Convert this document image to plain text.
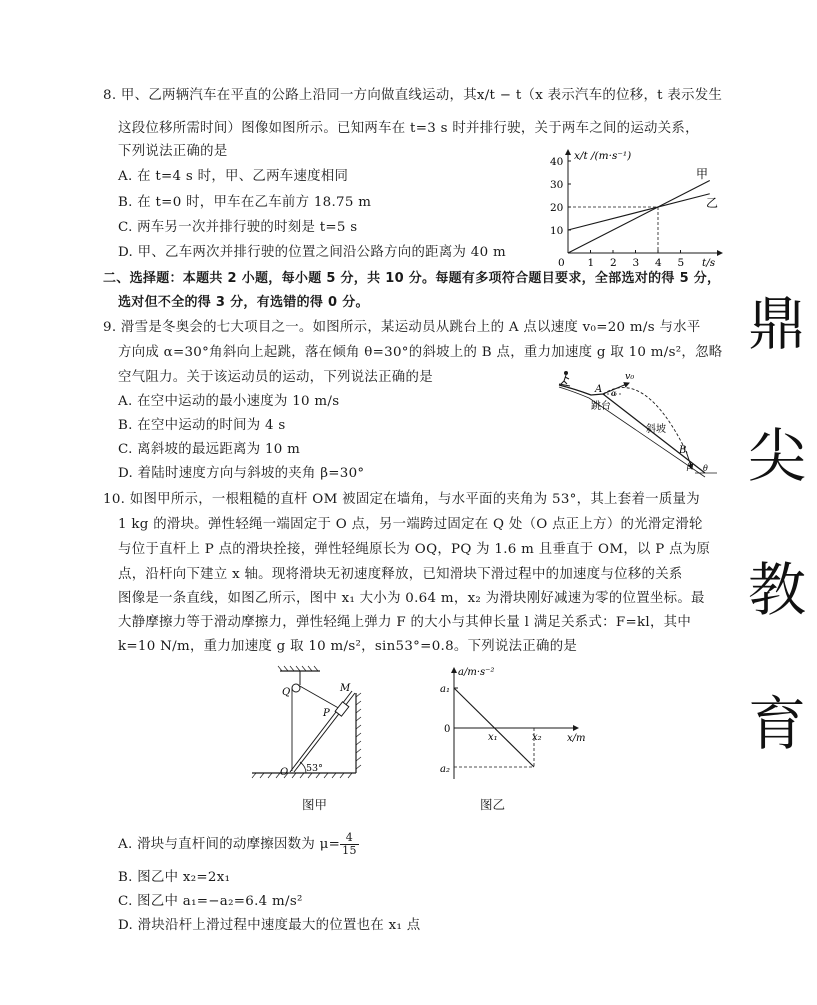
8. 甲、乙两辆汽车在平直的公路上沿同一方向做直线运动，其x/t − t（x 表示汽车的位移，t 表示发生
这段位移所需时间）图像如图所示。已知两车在 t=3 s 时并排行驶，关于两车之间的运动关系，
下列说法正确的是
A. 在 t=4 s 时，甲、乙两车速度相同
B. 在 t=0 时，甲车在乙车前方 18.75 m
C. 两车另一次并排行驶的时刻是 t=5 s
D. 甲、乙车两次并排行驶的位置之间沿公路方向的距离为 40 m
10
20
30
40
1 2 3 4 5
x/t /(m·s⁻¹)
t/s
0
甲
乙
二、选择题：本题共 2 小题，每小题 5 分，共 10 分。每题有多项符合题目要求，全部选对的得 5 分，
选对但不全的得 3 分，有选错的得 0 分。
9. 滑雪是冬奥会的七大项目之一。如图所示，某运动员从跳台上的 A 点以速度 v₀=20 m/s 与水平
方向成 α=30°角斜向上起跳，落在倾角 θ=30°的斜坡上的 B 点，重力加速度 g 取 10 m/s²，忽略
空气阻力。关于该运动员的运动，下列说法正确的是
A. 在空中运动的最小速度为 10 m/s
B. 在空中运动的时间为 4 s
C. 离斜坡的最远距离为 10 m
D. 着陆时速度方向与斜坡的夹角 β=30°
A
v₀
α
跳台
斜坡
B
β θ
10. 如图甲所示，一根粗糙的直杆 OM 被固定在墙角，与水平面的夹角为 53°，其上套着一质量为
1 kg 的滑块。弹性轻绳一端固定于 O 点，另一端跨过固定在 Q 处（O 点正上方）的光滑定滑轮
与位于直杆上 P 点的滑块拴接，弹性轻绳原长为 OQ，PQ 为 1.6 m 且垂直于 OM，以 P 点为原
点，沿杆向下建立 x 轴。现将滑块无初速度释放，已知滑块下滑过程中的加速度与位移的关系
图像是一条直线，如图乙所示，图中 x₁ 大小为 0.64 m，x₂ 为滑块刚好减速为零的位置坐标。最
大静摩擦力等于滑动摩擦力，弹性轻绳上弹力 F 的大小与其伸长量 l 满足关系式：F=kl，其中
k=10 N/m，重力加速度 g 取 10 m/s²，sin53°=0.8。下列说法正确的是
Q	M
P
O 53°
图甲
a/m·s⁻²
x/m
a₁
a₂
0
x₁	x₂
图乙
A. 滑块与直杆间的动摩擦因数为 $\mu= \frac{4}{15}$
B. 图乙中 x₂=2x₁
C. 图乙中 a₁=−a₂=6.4 m/s²
D. 滑块沿杆上滑过程中速度最大的位置也在 x₁ 点
鼎
尖
教
育
